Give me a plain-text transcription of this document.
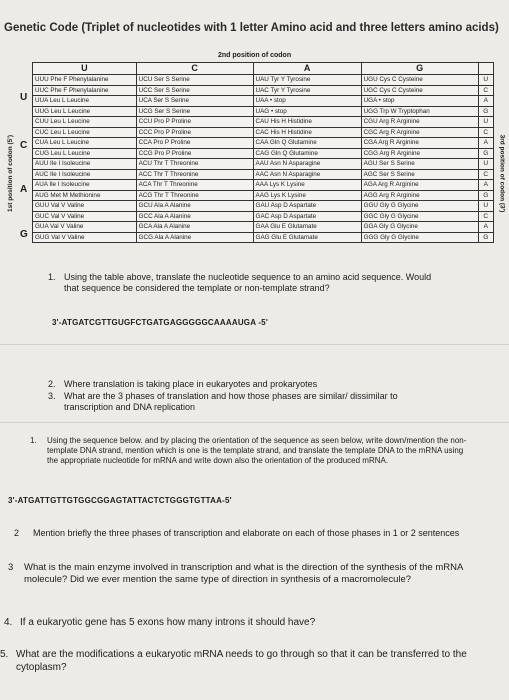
Genetic Code (Triplet of nucleotides with 1 letter Amino acid and three letters amino acids)
2nd position of codon
1st position of codon (5')	3rd position of codon (3')
U
C
A
G
U	C	A	G	
UUU Phe F Phenylalanine	UCU Ser S Serine	UAU Tyr Y Tyrosine	UGU Cys C Cysteine	U
UUC Phe F Phenylalanine	UCC Ser S Serine	UAC Tyr Y Tyrosine	UGC Cys C Cysteine	C
UUA Leu L Leucine	UCA Ser S Serine	UAA • stop	UGA • stop	A
UUG Leu L Leucine	UCG Ser S Serine	UAG • stop	UGG Trp W Tryptophan	G
CUU Leu L Leucine	CCU Pro P Proline	CAU His H Histidine	CGU Arg R Arginine	U
CUC Leu L Leucine	CCC Pro P Proline	CAC His H Histidine	CGC Arg R Arginine	C
CUA Leu L Leucine	CCA Pro P Proline	CAA Gln Q Glutamine	CGA Arg R Arginine	A
CUG Leu L Leucine	CCG Pro P Proline	CAG Gln Q Glutamine	CGG Arg R Arginine	G
AUU Ile I Isoleucine	ACU Thr T Threonine	AAU Asn N Asparagine	AGU Ser S Serine	U
AUC Ile I Isoleucine	ACC Thr T Threonine	AAC Asn N Asparagine	AGC Ser S Serine	C
AUA Ile I Isoleucine	ACA Thr T Threonine	AAA Lys K Lysine	AGA Arg R Arginine	A
AUG Met M Methionine	ACG Thr T Threonine	AAG Lys K Lysine	AGG Arg R Arginine	G
GUU Val V Valine	GCU Ala A Alanine	GAU Asp D Aspartate	GGU Gly G Glycine	U
GUC Val V Valine	GCC Ala A Alanine	GAC Asp D Aspartate	GGC Gly G Glycine	C
GUA Val V Valine	GCA Ala A Alanine	GAA Glu E Glutamate	GGA Gly G Glycine	A
GUG Val V Valine	GCG Ala A Alanine	GAG Glu E Glutamate	GGG Gly G Glycine	G
1. Using the table above, translate the nucleotide sequence to an amino acid sequence. Would that sequence be considered the template or non-template strand?
3'-ATGATCGTTGUGFCTGATGAGGGGGCAAAAUGA -5'
2. Where translation is taking place in eukaryotes and prokaryotes
3. What are the 3 phases of translation and how those phases are similar/ dissimilar to transcription and DNA replication
1. Using the sequence below. and by placing the orientation of the sequence as seen below, write down/mention the non-template DNA strand, mention which is one is the template strand, and translate the template DNA to the mRNA using the appropriate nucleotide for mRNA and write down also the orientation of the produced mRNA.
3'-ATGATTGTTGTGGCGGAGTATTACTCTGGGTGTTAA-5'
2 Mention briefly the three phases of transcription and elaborate on each of those phases in 1 or 2 sentences
3 What is the main enzyme involved in transcription and what is the direction of the synthesis of the mRNA molecule? Did we ever mention the same type of direction in synthesis of a macromolecule?
4. If a eukaryotic gene has 5 exons how many introns it should have?
5. What are the modifications a eukaryotic mRNA needs to go through so that it can be transferred to the cytoplasm?
